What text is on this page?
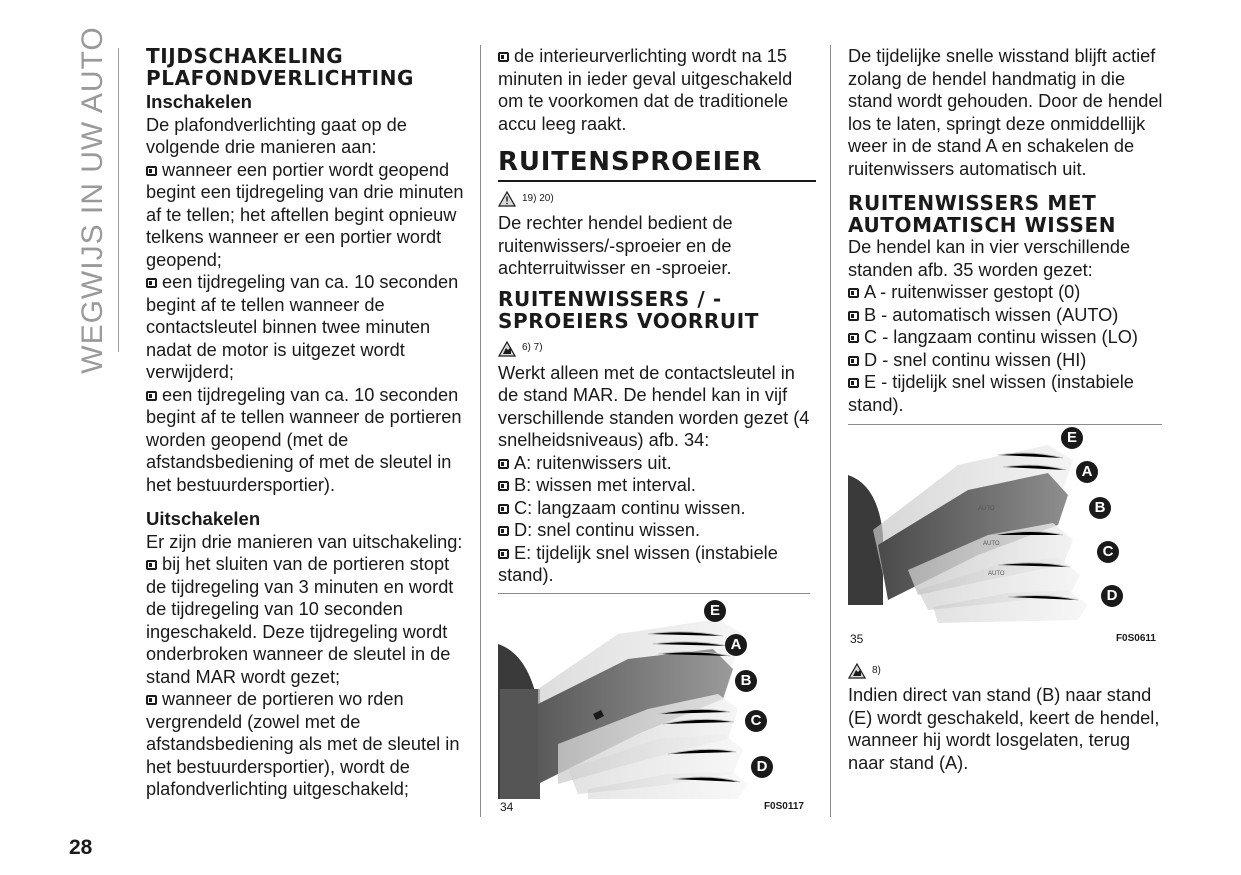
WEGWIJS IN UW AUTO TIJDSCHAKELING PLAFONDVERLICHTING

Inschakelen

De plafondverlichting gaat op de volgende drie manieren aan:

wanneer een portier wordt geopend begint een tijdregeling van drie minuten af te tellen; het aftellen begint opnieuw telkens wanneer er een portier wordt geopend;

een tijdregeling van ca. 10 seconden begint af te tellen wanneer de contactsleutel binnen twee minuten nadat de motor is uitgezet wordt verwijderd;

een tijdregeling van ca. 10 seconden begint af te tellen wanneer de portieren worden geopend (met de afstandsbediening of met de sleutel in het bestuurdersportier).

Uitschakelen

Er zijn drie manieren van uitschakeling:

bij het sluiten van de portieren stopt de tijdregeling van 3 minuten en wordt de tijdregeling van 10 seconden ingeschakeld. Deze tijdregeling wordt onderbroken wanneer de sleutel in de stand MAR wordt gezet;

wanneer de portieren wo rden vergrendeld (zowel met de afstandsbediening als met de sleutel in het bestuurdersportier), wordt de plafondverlichting uitgeschakeld;

de interieurverlichting wordt na 15 minuten in ieder geval uitgeschakeld om te voorkomen dat de traditionele accu leeg raakt.

RUITENSPROEIER
19) 20)

De rechter hendel bedient de ruitenwissers/-sproeier en de achterruitwisser en -sproeier.

RUITENWISSERS / -SPROEIERS VOORRUIT
6) 7)

Werkt alleen met de contactsleutel in de stand MAR. De hendel kan in vijf verschillende standen worden gezet (4 snelheidsniveaus) afb. 34:

A: ruitenwissers uit.

B: wissen met interval.

C: langzaam continu wissen.

D: snel continu wissen.

E: tijdelijk snel wissen (instabiele stand).

E
A
B
C
D
34	F0S0117

De tijdelijke snelle wisstand blijft actief zolang de hendel handmatig in die stand wordt gehouden. Door de hendel los te laten, springt deze onmiddellijk weer in de stand A en schakelen de ruitenwissers automatisch uit.

RUITENWISSERS MET AUTOMATISCH WISSEN

De hendel kan in vier verschillende standen afb. 35 worden gezet:

A - ruitenwisser gestopt (0)

B - automatisch wissen (AUTO)

C - langzaam continu wissen (LO)

D - snel continu wissen (HI)

E - tijdelijk snel wissen (instabiele stand).

AUTO
AUTO
AUTO
E
A
B
C
D
35	F0S0611
8)

Indien direct van stand (B) naar stand (E) wordt geschakeld, keert de hendel, wanneer hij wordt losgelaten, terug naar stand (A).

28
